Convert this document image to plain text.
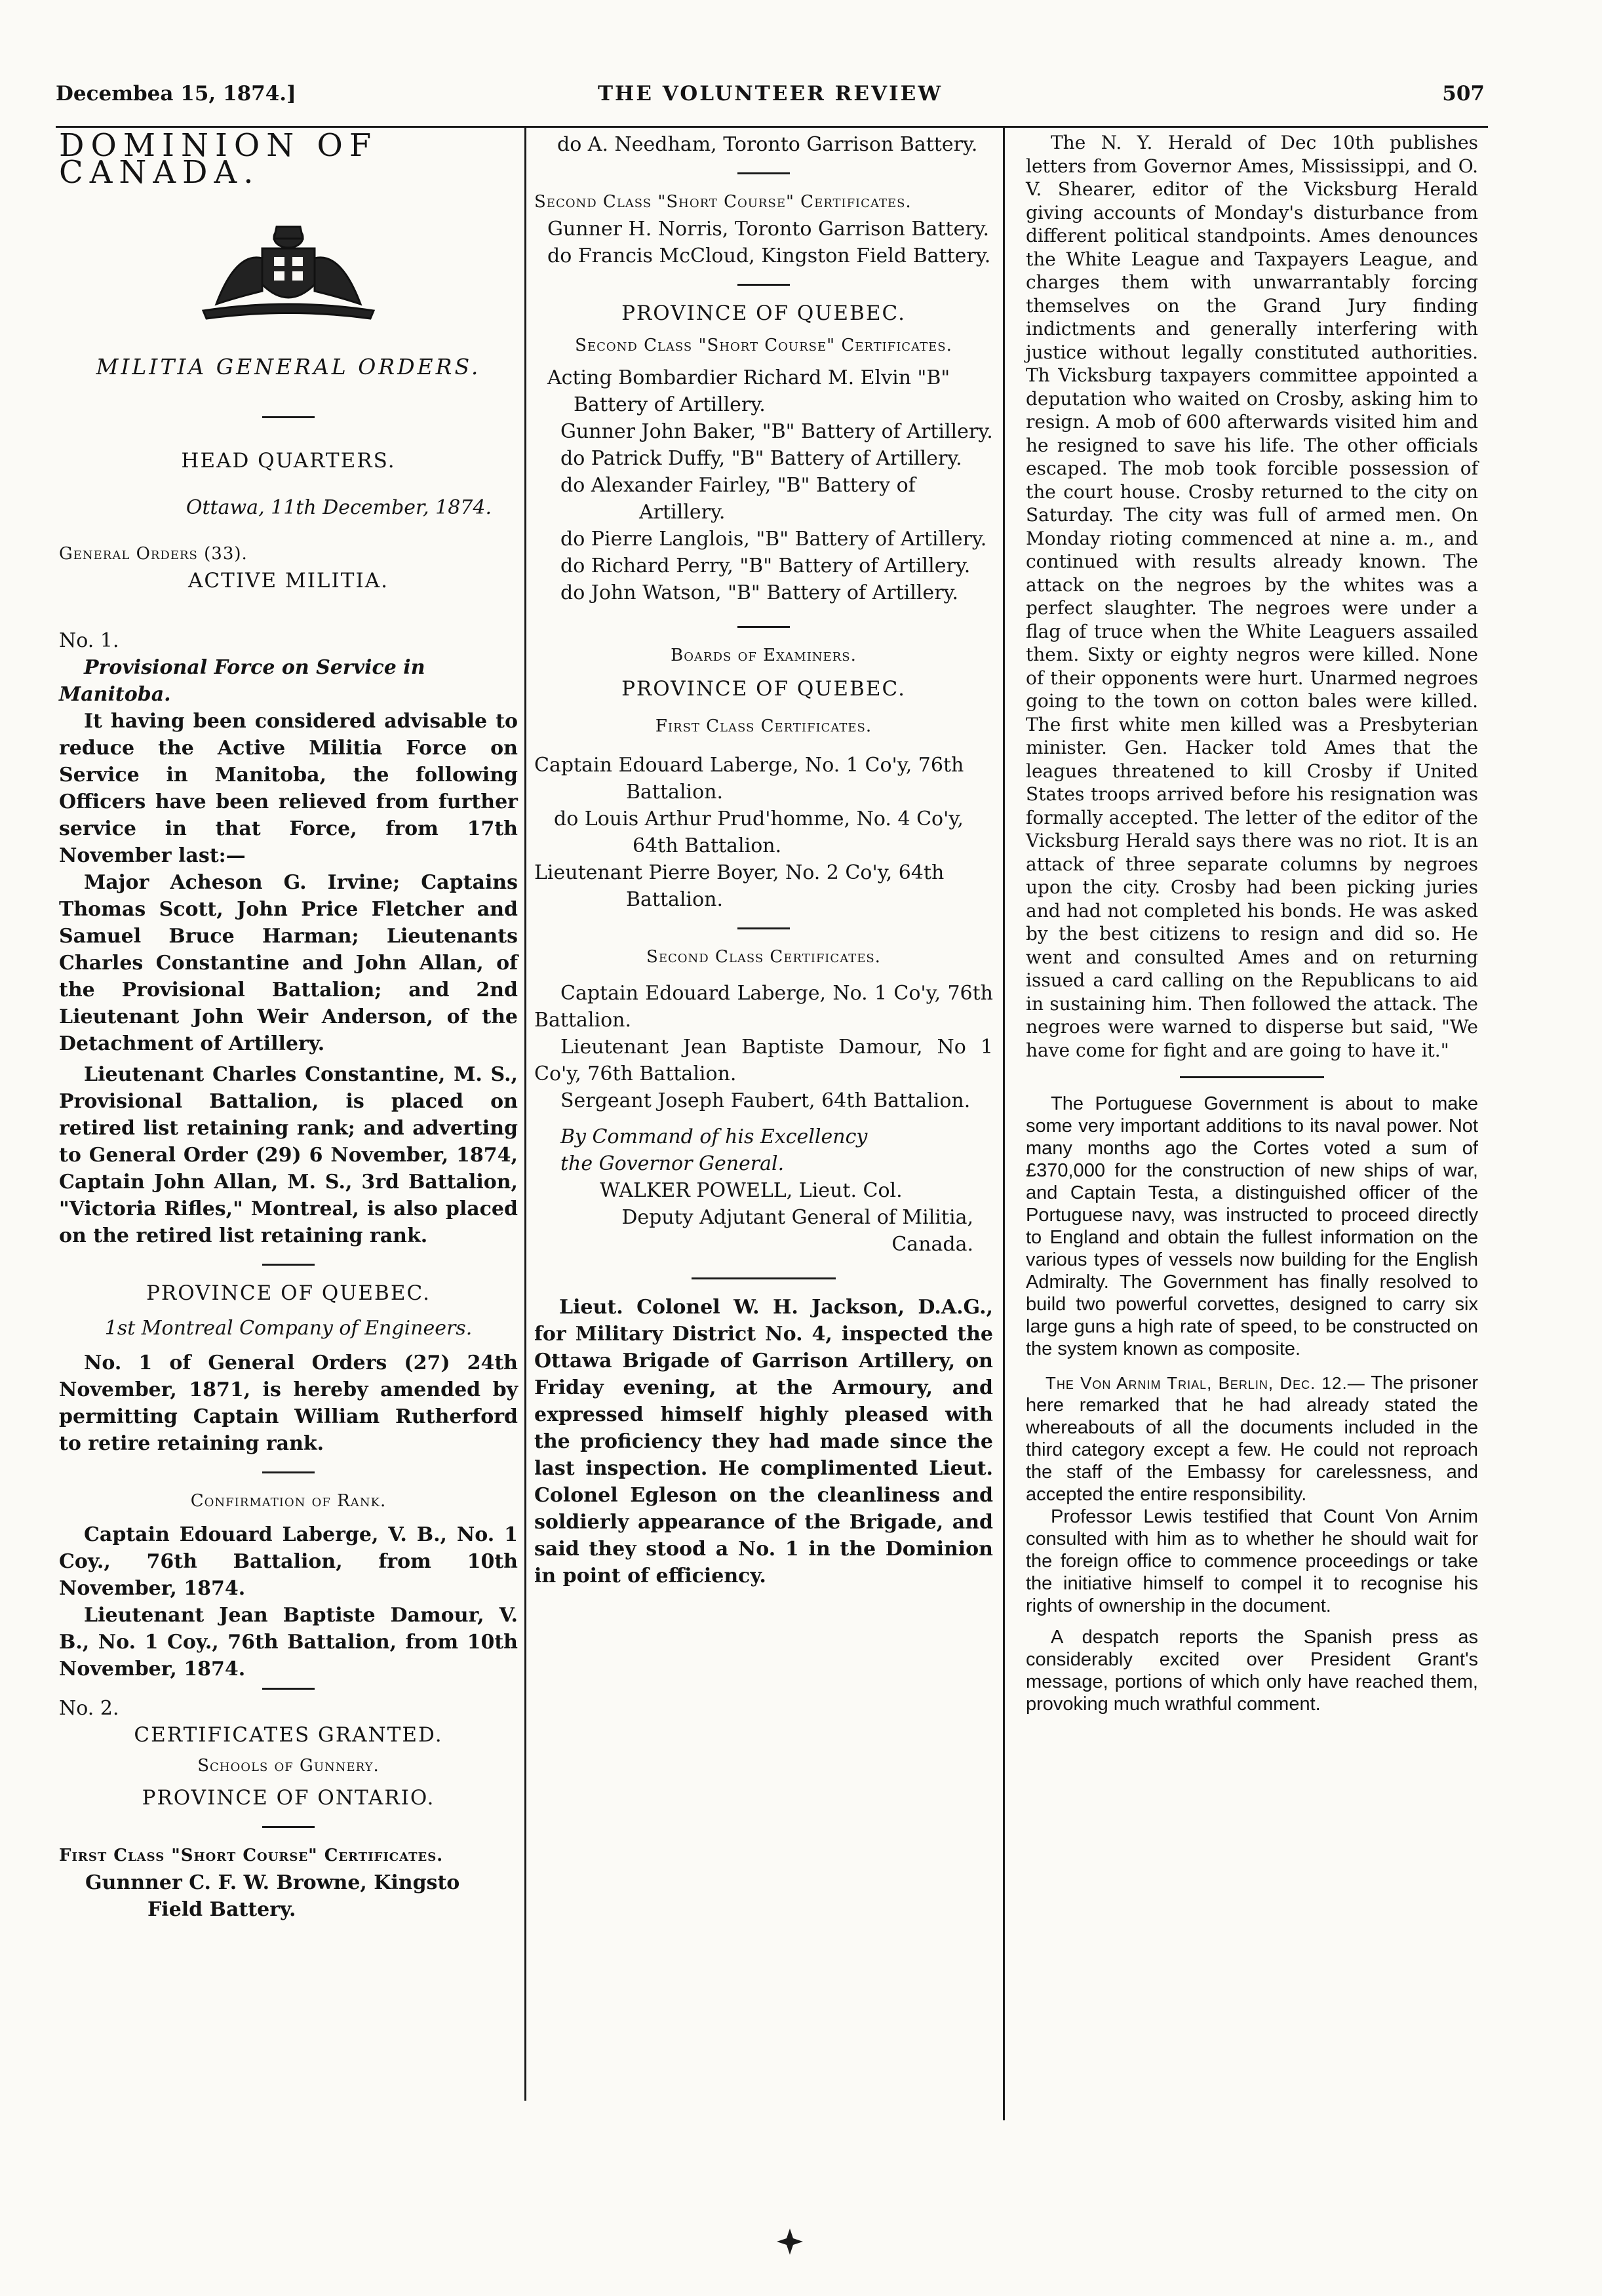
Decembea 15, 1874.]	THE VOLUNTEER REVIEW	507

DOMINION OF CANADA.

MILITIA GENERAL ORDERS.

HEAD QUARTERS.

Ottawa, 11th December, 1874.

General Orders (33).

ACTIVE MILITIA.

No. 1.

Provisional Force on Service in Manitoba.

It having been considered advisable to reduce the Active Militia Force on Service in Manitoba, the following Officers have been relieved from further service in that Force, from 17th November last:—

Major Acheson G. Irvine; Captains Thomas Scott, John Price Fletcher and Samuel Bruce Harman; Lieutenants Charles Constantine and John Allan, of the Provisional Battalion; and 2nd Lieutenant John Weir Anderson, of the Detachment of Artillery.

Lieutenant Charles Constantine, M. S., Provisional Battalion, is placed on retired list retaining rank; and adverting to General Order (29) 6 November, 1874, Captain John Allan, M. S., 3rd Battalion, "Victoria Rifles," Montreal, is also placed on the retired list retaining rank.

PROVINCE OF QUEBEC.

1st Montreal Company of Engineers.

No. 1 of General Orders (27) 24th November, 1871, is hereby amended by permitting Captain William Rutherford to retire retaining rank.

Confirmation of Rank.

Captain Edouard Laberge, V. B., No. 1 Coy., 76th Battalion, from 10th November, 1874.

Lieutenant Jean Baptiste Damour, V. B., No. 1 Coy., 76th Battalion, from 10th November, 1874.

No. 2.

CERTIFICATES GRANTED.

Schools of Gunnery.

PROVINCE OF ONTARIO.

First Class "Short Course" Certificates.

Gunnner C. F. W. Browne, Kingsto Field Battery.

do A. Needham, Toronto Garrison Battery.

Second Class "Short Course" Certificates.

Gunner H. Norris, Toronto Garrison Battery.

do Francis McCloud, Kingston Field Battery.

PROVINCE OF QUEBEC.

Second Class "Short Course" Certificates.

Acting Bombardier Richard M. Elvin "B" Battery of Artillery.

Gunner John Baker, "B" Battery of Artillery.

do Patrick Duffy, "B" Battery of Artillery.

do Alexander Fairley, "B" Battery of Artillery.

do Pierre Langlois, "B" Battery of Artillery.

do Richard Perry, "B" Battery of Artillery.

do John Watson, "B" Battery of Artillery.

Boards of Examiners.

PROVINCE OF QUEBEC.

First Class Certificates.

Captain Edouard Laberge, No. 1 Co'y, 76th Battalion.

do Louis Arthur Prud'homme, No. 4 Co'y, 64th Battalion.

Lieutenant Pierre Boyer, No. 2 Co'y, 64th Battalion.

Second Class Certificates.

Captain Edouard Laberge, No. 1 Co'y, 76th Battalion.

Lieutenant Jean Baptiste Damour, No 1 Co'y, 76th Battalion.

Sergeant Joseph Faubert, 64th Battalion.

By Command of his Excellency the Governor General.

WALKER POWELL, Lieut. Col.

Deputy Adjutant General of Militia, Canada.

Lieut. Colonel W. H. Jackson, D.A.G., for Military District No. 4, inspected the Ottawa Brigade of Garrison Artillery, on Friday evening, at the Armoury, and expressed himself highly pleased with the proficiency they had made since the last inspection. He complimented Lieut. Colonel Egleson on the cleanliness and soldierly appearance of the Brigade, and said they stood a No. 1 in the Dominion in point of efficiency.

The N. Y. Herald of Dec 10th publishes letters from Governor Ames, Mississippi, and O. V. Shearer, editor of the Vicksburg Herald giving accounts of Monday's disturbance from different political standpoints. Ames denounces the White League and Taxpayers League, and charges them with unwarrantably forcing themselves on the Grand Jury finding indictments and generally interfering with justice without legally constituted authorities. Th Vicksburg taxpayers committee appointed a deputation who waited on Crosby, asking him to resign. A mob of 600 afterwards visited him and he resigned to save his life. The other officials escaped. The mob took forcible possession of the court house. Crosby returned to the city on Saturday. The city was full of armed men. On Monday rioting commenced at nine a. m., and continued with results already known. The attack on the negroes by the whites was a perfect slaughter. The negroes were under a flag of truce when the White Leaguers assailed them. Sixty or eighty negros were killed. None of their opponents were hurt. Unarmed negroes going to the town on cotton bales were killed. The first white men killed was a Presbyterian minister. Gen. Hacker told Ames that the leagues threatened to kill Crosby if United States troops arrived before his resignation was formally accepted. The letter of the editor of the Vicksburg Herald says there was no riot. It is an attack of three separate columns by negroes upon the city. Crosby had been picking juries and had not completed his bonds. He was asked by the best citizens to resign and did so. He went and consulted Ames and on returning issued a card calling on the Republicans to aid in sustaining him. Then followed the attack. The negroes were warned to disperse but said, "We have come for fight and are going to have it."

The Portuguese Government is about to make some very important additions to its naval power. Not many months ago the Cortes voted a sum of £370,000 for the construction of new ships of war, and Captain Testa, a distinguished officer of the Portuguese navy, was instructed to proceed directly to England and obtain the fullest information on the various types of vessels now building for the English Admiralty. The Government has finally resolved to build two powerful corvettes, designed to carry six large guns a high rate of speed, to be constructed on the system known as composite.

The Von Arnim Trial, Berlin, Dec. 12.— The prisoner here remarked that he had already stated the whereabouts of all the documents included in the third category except a few. He could not reproach the staff of the Embassy for carelessness, and accepted the entire responsibility.

Professor Lewis testified that Count Von Arnim consulted with him as to whether he should wait for the foreign office to commence proceedings or take the initiative himself to compel it to recognise his rights of ownership in the document.

A despatch reports the Spanish press as considerably excited over President Grant's message, portions of which only have reached them, provoking much wrathful comment.
